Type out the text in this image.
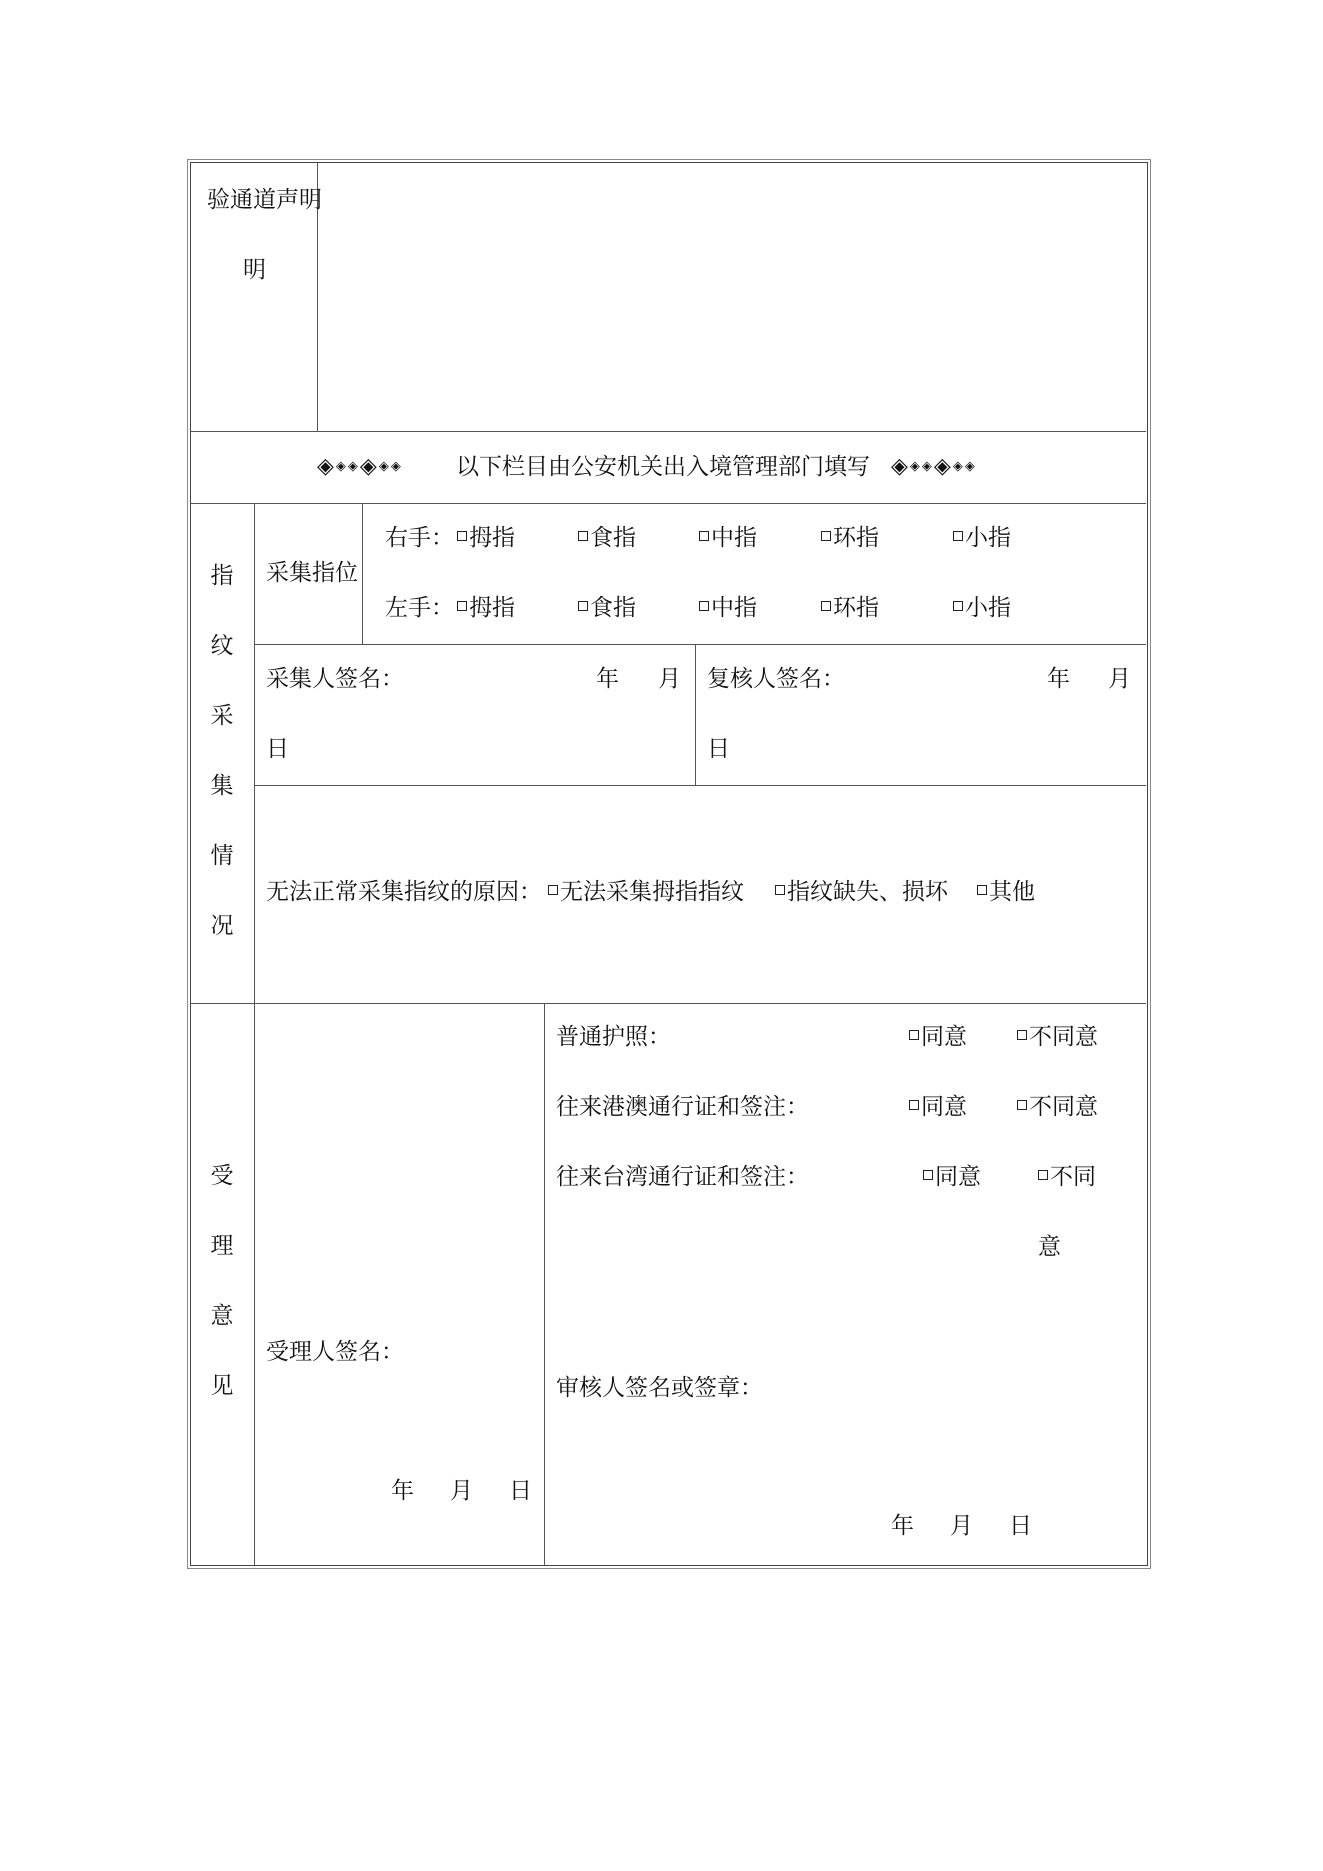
验通道声明
明
◈◈◈◈◈◈ 以下栏目由公安机关出入境管理部门填写 ◈◈◈◈◈◈
指
纹
采
集
情
况
采集指位
右手： 拇指	食指	中指	环指	小指
左手： 拇指	食指	中指	环指	小指
采集人签名：	年 月
日
复核人签名：	年 月
日
无法正常采集指纹的原因： 无法采集拇指指纹	指纹缺失、损坏	其他
受
理
意
见
受理人签名：
年 月 日
普通护照：	同意	不同意
往来港澳通行证和签注：	同意	不同意
往来台湾通行证和签注：	同意	不同意
审核人签名或签章：
年 月 日
